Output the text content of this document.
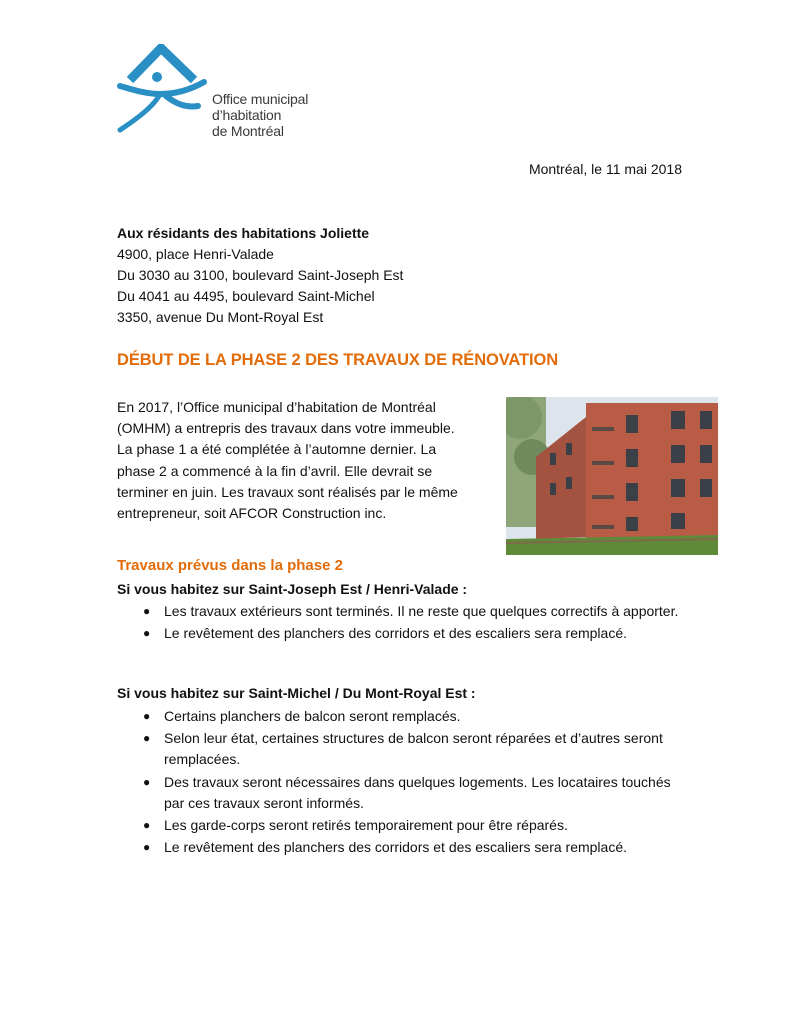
Office municipal
d’habitation
de Montréal
Montréal, le 11 mai 2018
Aux résidants des habitations Joliette
4900, place Henri-Valade
Du 3030 au 3100, boulevard Saint-Joseph Est
Du 4041 au 4495, boulevard Saint-Michel
3350, avenue Du Mont-Royal Est
DÉBUT DE LA PHASE 2 DES TRAVAUX DE RÉNOVATION
En 2017, l’Office municipal d’habitation de Montréal
(OMHM) a entrepris des travaux dans votre immeuble.
La phase 1 a été complétée à l’automne dernier. La
phase 2 a commencé à la fin d’avril. Elle devrait se
terminer en juin. Les travaux sont réalisés par le même
entrepreneur, soit AFCOR Construction inc.
Travaux prévus dans la phase 2
Si vous habitez sur Saint-Joseph Est / Henri-Valade :
● Les travaux extérieurs sont terminés. Il ne reste que quelques correctifs à apporter.
● Le revêtement des planchers des corridors et des escaliers sera remplacé.
Si vous habitez sur Saint-Michel / Du Mont-Royal Est :
● Certains planchers de balcon seront remplacés.
● Selon leur état, certaines structures de balcon seront réparées et d’autres seront remplacées.
● Des travaux seront nécessaires dans quelques logements. Les locataires touchés par ces travaux seront informés.
● Les garde-corps seront retirés temporairement pour être réparés.
● Le revêtement des planchers des corridors et des escaliers sera remplacé.
